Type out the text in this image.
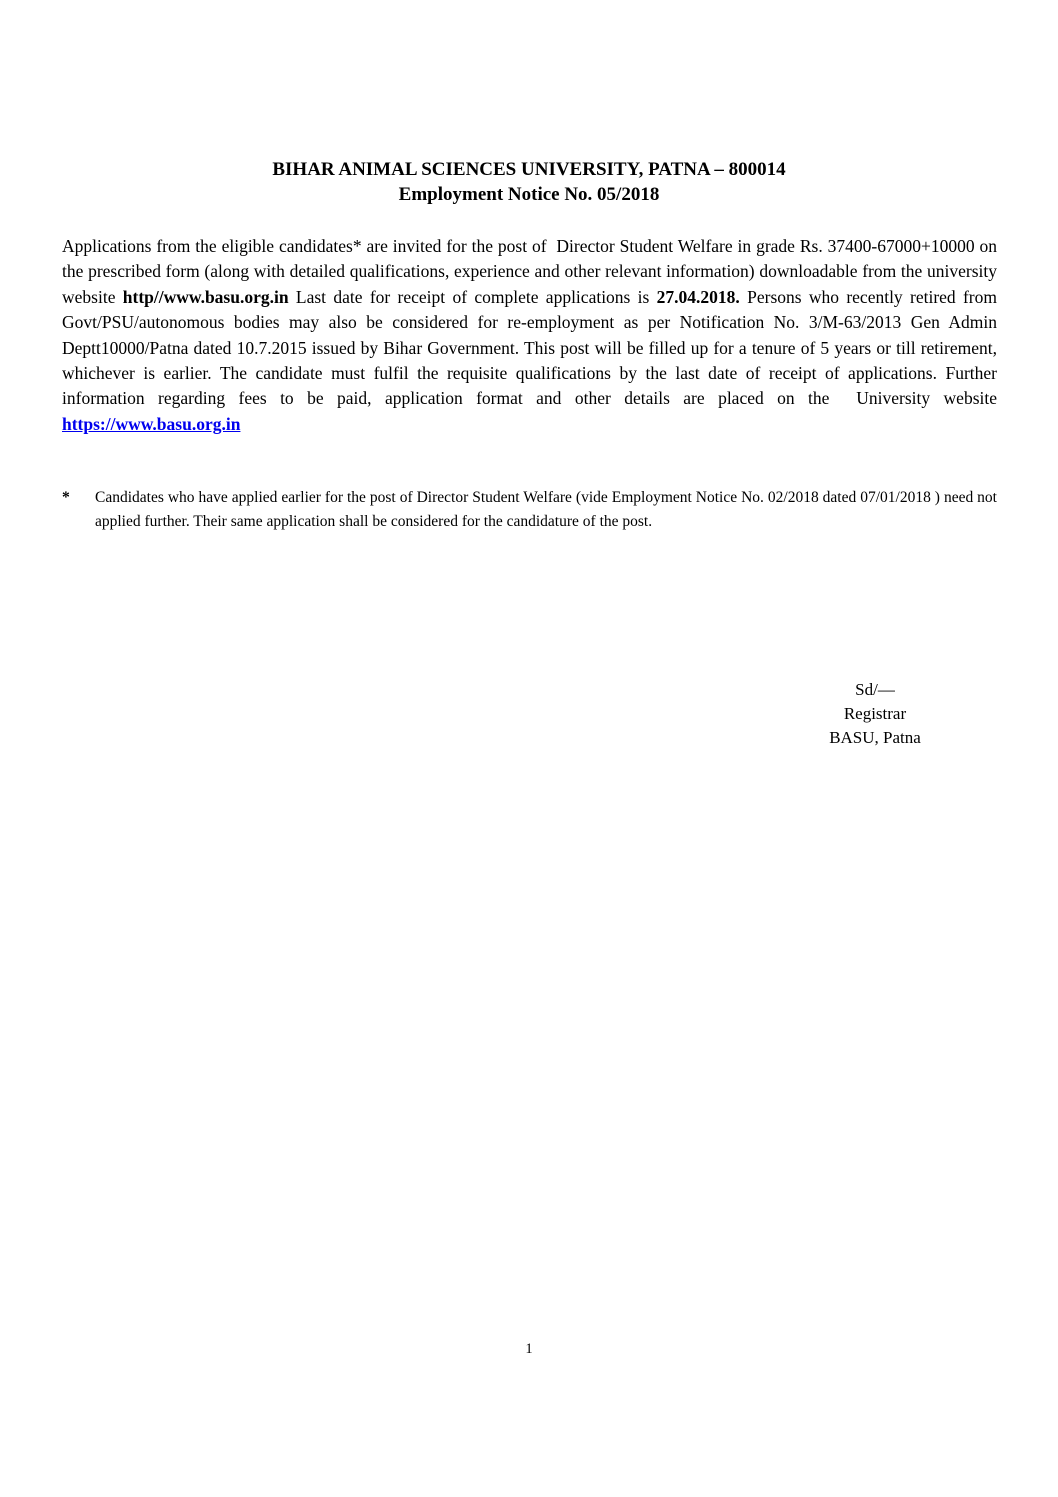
BIHAR ANIMAL SCIENCES UNIVERSITY, PATNA – 800014
Employment Notice No. 05/2018

Applications from the eligible candidates* are invited for the post of  Director Student Welfare in grade Rs. 37400-67000+10000 on the prescribed form (along with detailed qualifications, experience and other relevant information) downloadable from the university website http//www.basu.org.in Last date for receipt of complete applications is 27.04.2018. Persons who recently retired from Govt/PSU/autonomous bodies may also be considered for re-employment as per Notification No. 3/M-63/2013 Gen Admin Deptt10000/Patna dated 10.7.2015 issued by Bihar Government. This post will be filled up for a tenure of 5 years or till retirement, whichever is earlier. The candidate must fulfil the requisite qualifications by the last date of receipt of applications. Further information regarding fees to be paid, application format and other details are placed on the  University website https://www.basu.org.in

*	Candidates who have applied earlier for the post of Director Student Welfare (vide Employment Notice No. 02/2018 dated 07/01/2018 ) need not applied further. Their same application shall be considered for the candidature of the post.
Sd/—
Registrar
BASU, Patna
1
